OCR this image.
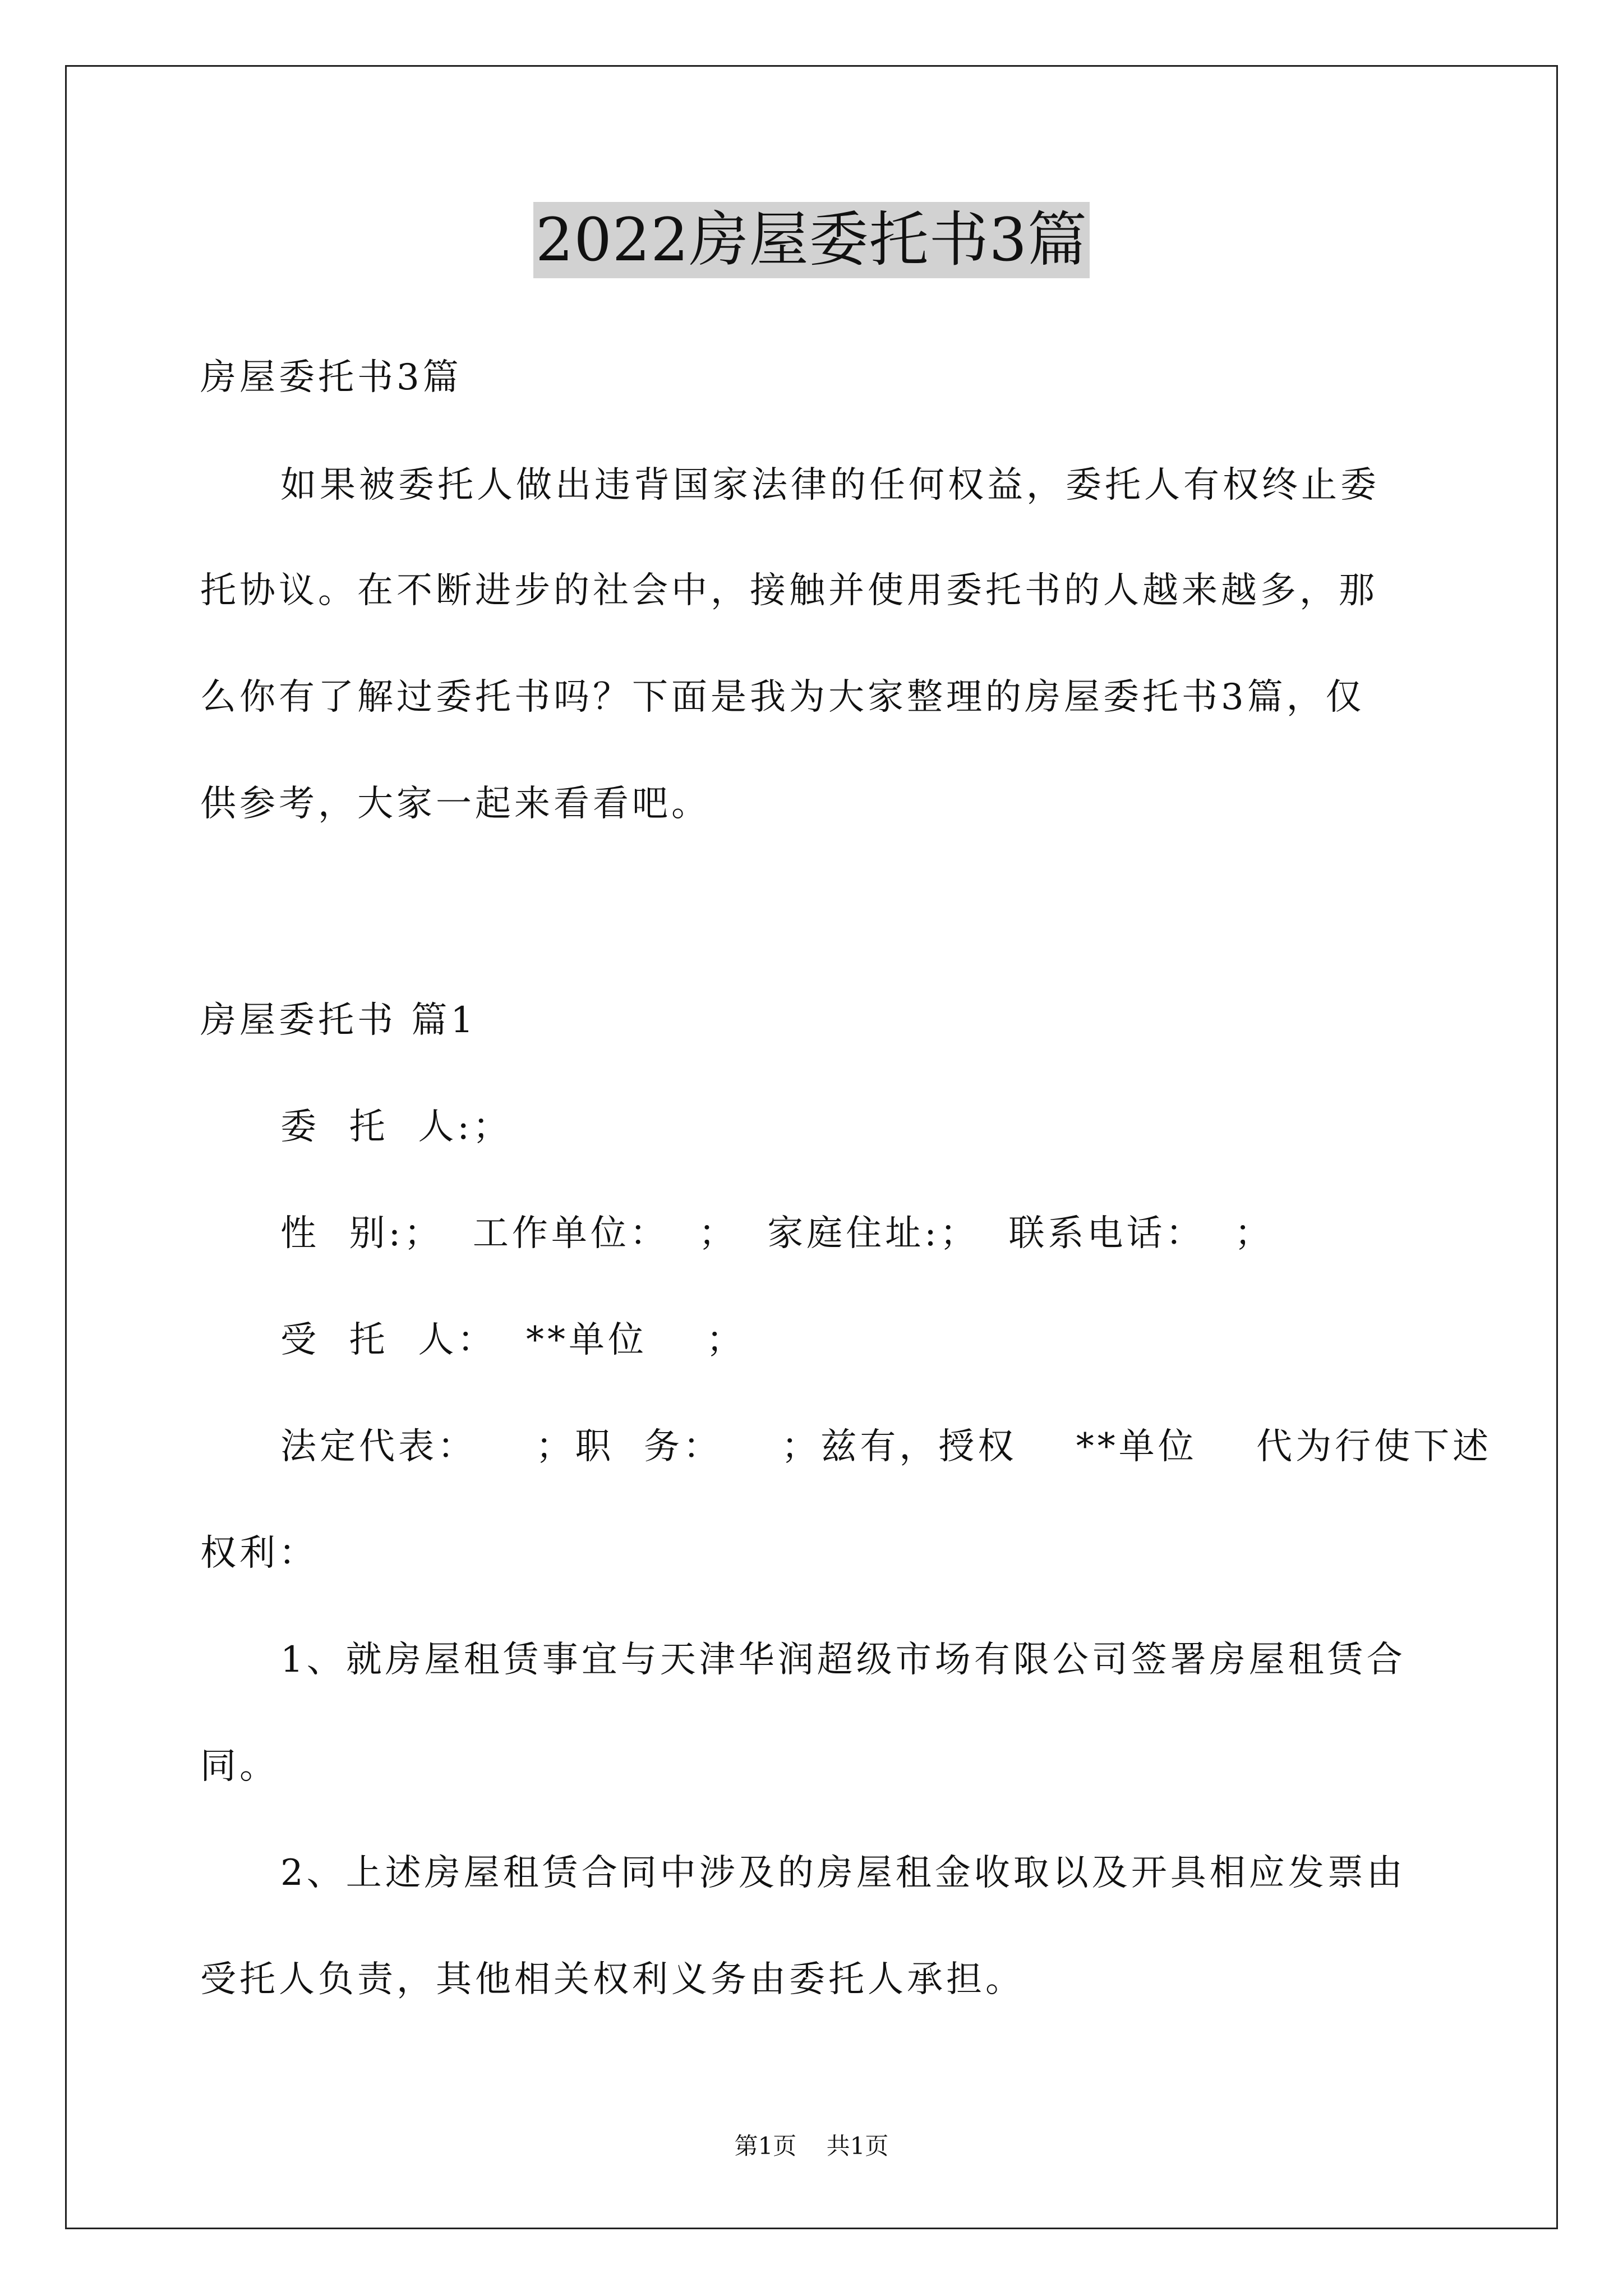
2022房屋委托书3篇
房屋委托书3篇
如果被委托人做出违背国家法律的任何权益，委托人有权终止委
托协议。在不断进步的社会中，接触并使用委托书的人越来越多，那
么你有了解过委托书吗？下面是我为大家整理的房屋委托书3篇，仅
供参考，大家一起来看看吧。
房屋委托书 篇1
委  托  人:；
性  别:；  工作单位：  ；  家庭住址:；  联系电话：  ；
受  托  人：  **单位    ；
法定代表：    ；职  务：    ；兹有，授权    **单位    代为行使下述
权利：
1、就房屋租赁事宜与天津华润超级市场有限公司签署房屋租赁合
同。
2、上述房屋租赁合同中涉及的房屋租金收取以及开具相应发票由
受托人负责，其他相关权利义务由委托人承担。
第1页    共1页
